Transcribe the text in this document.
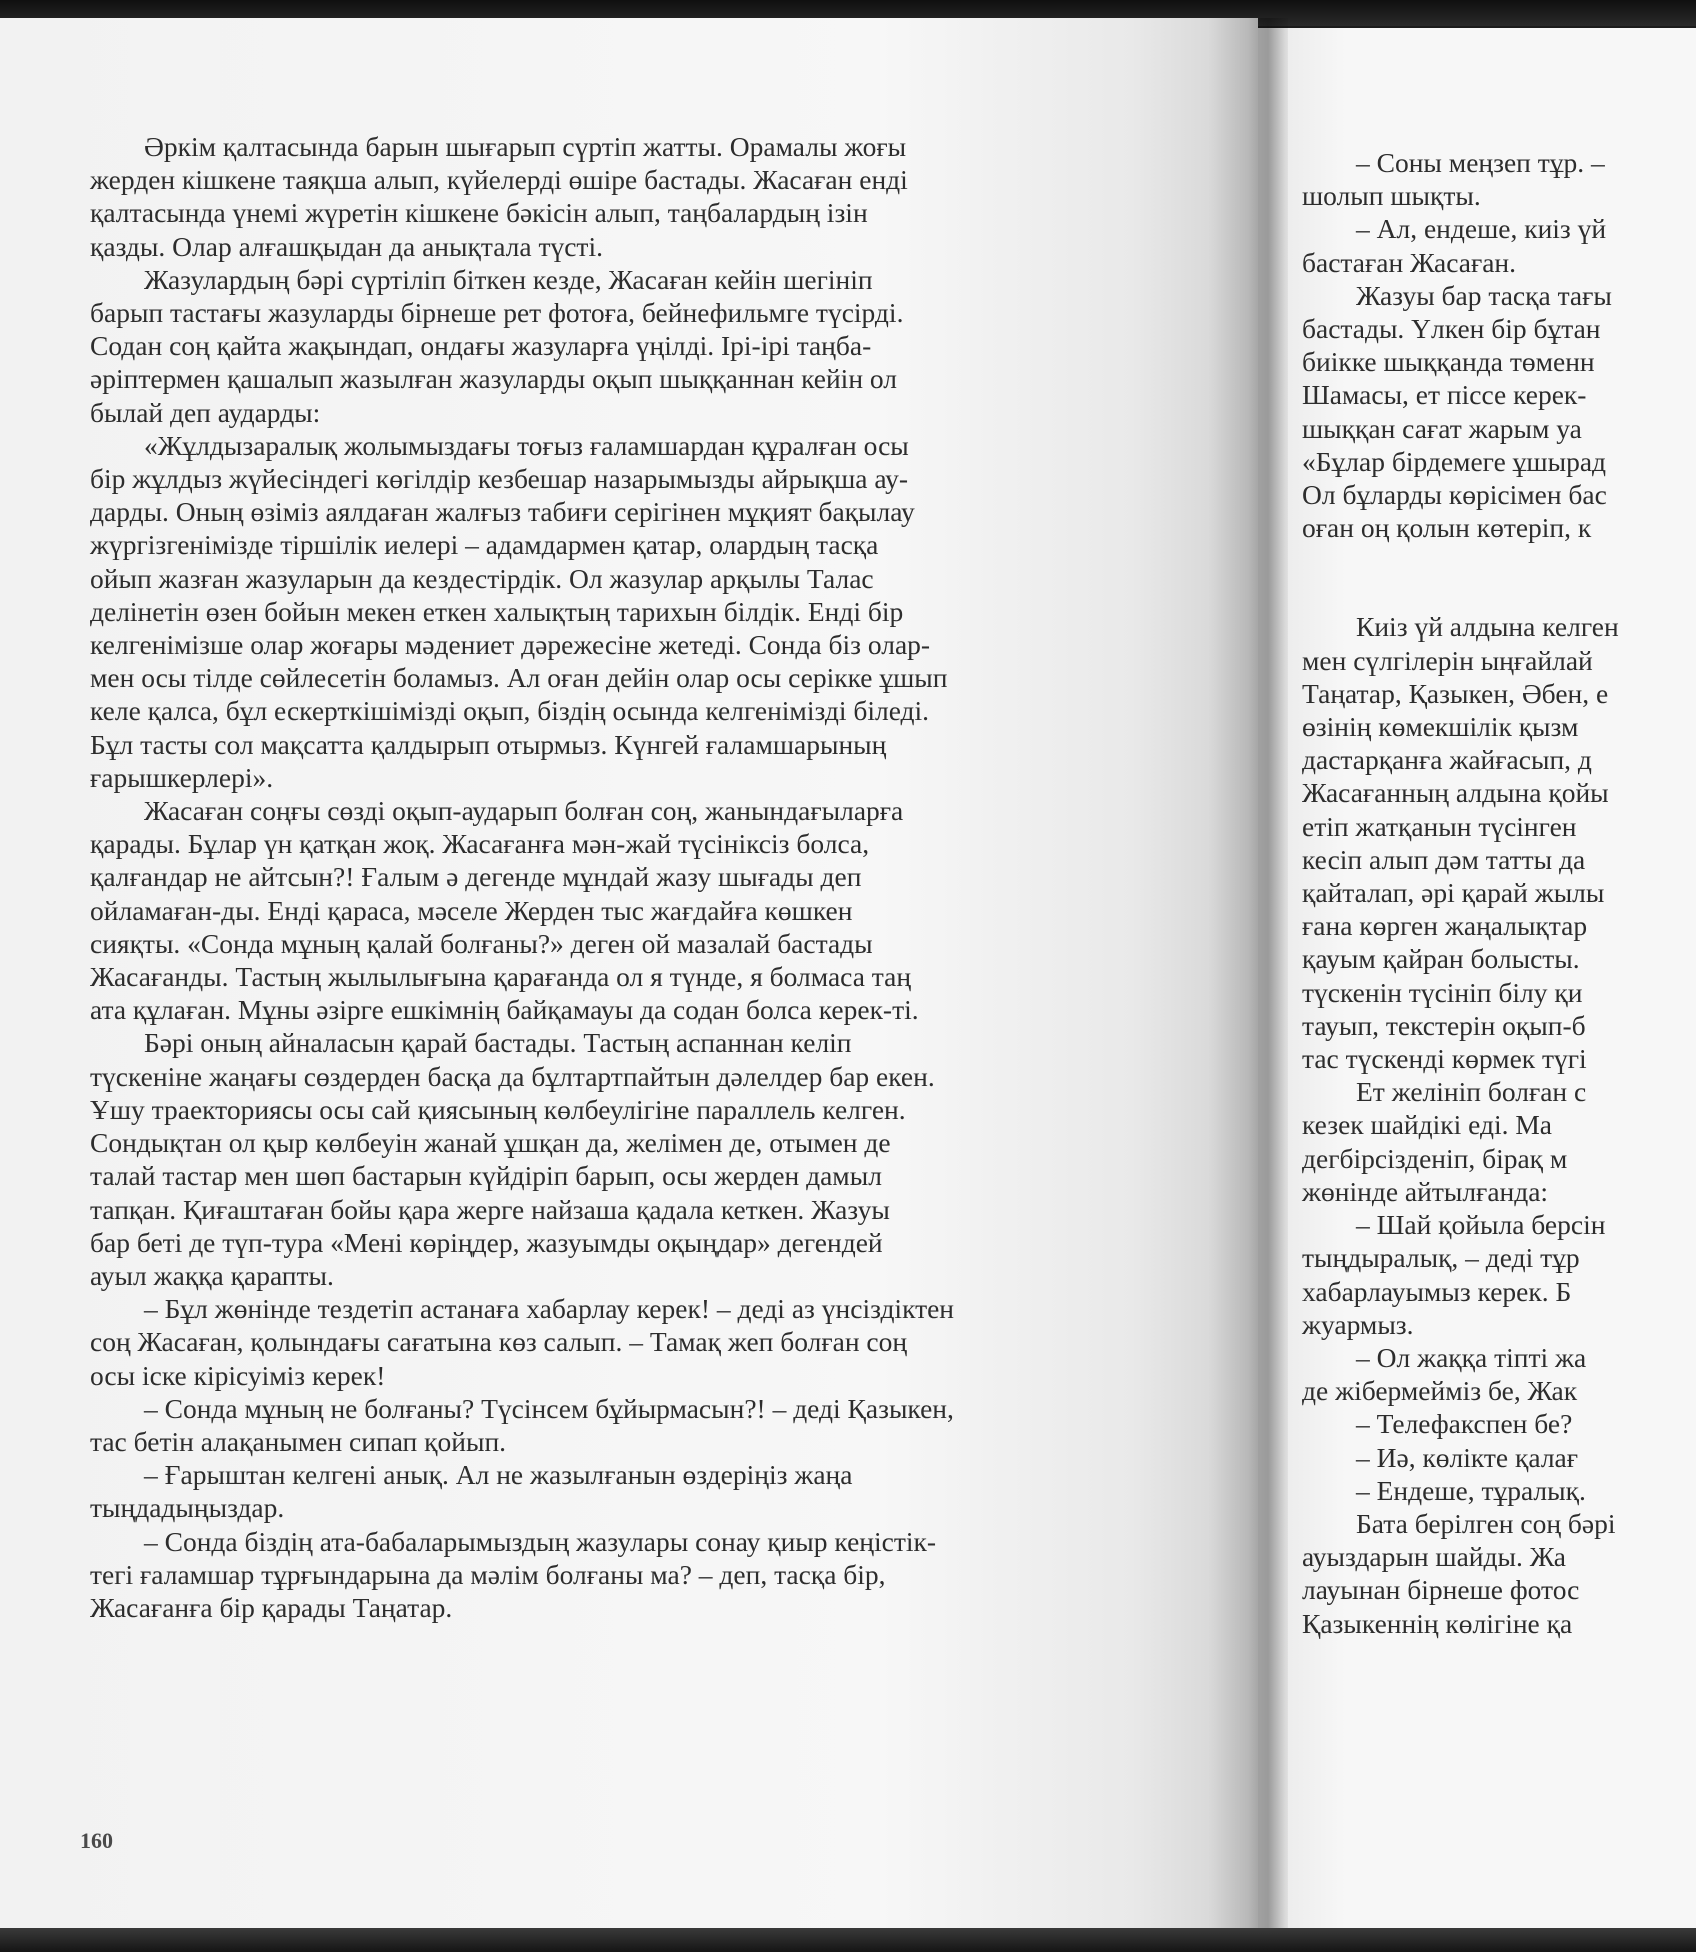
Әркім қалтасында барын шығарып сүртіп жатты. Орамалы жоғы
жерден кішкене таяқша алып, күйелерді өшіре бастады. Жасаған енді
қалтасында үнемі жүретін кішкене бәкісін алып, таңбалардың ізін
қазды. Олар алғашқыдан да анықтала түсті.

Жазулардың бәрі сүртіліп біткен кезде, Жасаған кейін шегініп
барып тастағы жазуларды бірнеше рет фотоға, бейнефильмге түсірді.
Содан соң қайта жақындап, ондағы жазуларға үңілді. Ірі-ірі таңба-
әріптермен қашалып жазылған жазуларды оқып шыққаннан кейін ол
былай деп аударды:

«Жұлдызаралық жолымыздағы тоғыз ғаламшардан құралған осы
бір жұлдыз жүйесіндегі көгілдір кезбешар назарымызды айрықша ау-
дарды. Оның өзіміз аялдаған жалғыз табиғи серігінен мұқият бақылау
жүргізгенімізде тіршілік иелері – адамдармен қатар, олардың тасқа
ойып жазған жазуларын да кездестірдік. Ол жазулар арқылы Талас
делінетін өзен бойын мекен еткен халықтың тарихын білдік. Енді бір
келгенімізше олар жоғары мәдениет дәрежесіне жетеді. Сонда біз олар-
мен осы тілде сөйлесетін боламыз. Ал оған дейін олар осы серікке ұшып
келе қалса, бұл ескерткішімізді оқып, біздің осында келгенімізді біледі.
Бұл тасты сол мақсатта қалдырып отырмыз. Күнгей ғаламшарының
ғарышкерлері».

Жасаған соңғы сөзді оқып-аударып болған соң, жанындағыларға
қарады. Бұлар үн қатқан жоқ. Жасағанға мән-жай түсініксіз болса,
қалғандар не айтсын?! Ғалым ә дегенде мұндай жазу шығады деп
ойламаған-ды. Енді қараса, мәселе Жерден тыс жағдайға көшкен
сияқты. «Сонда мұның қалай болғаны?» деген ой мазалай бастады
Жасағанды. Тастың жылылығына қарағанда ол я түнде, я болмаса таң
ата құлаған. Мұны әзірге ешкімнің байқамауы да содан болса керек-ті.

Бәрі оның айналасын қарай бастады. Тастың аспаннан келіп
түскеніне жаңағы сөздерден басқа да бұлтартпайтын дәлелдер бар екен.
Ұшу траекториясы осы сай қиясының көлбеулігіне параллель келген.
Сондықтан ол қыр көлбеуін жанай ұшқан да, желімен де, отымен де
талай тастар мен шөп бастарын күйдіріп барып, осы жерден дамыл
тапқан. Қиғаштаған бойы қара жерге найзаша қадала кеткен. Жазуы
бар беті де түп-тура «Мені көріңдер, жазуымды оқыңдар» дегендей
ауыл жаққа қарапты.

– Бұл жөнінде тездетіп астанаға хабарлау керек! – деді аз үнсіздіктен
соң Жасаған, қолындағы сағатына көз салып. – Тамақ жеп болған соң
осы іске кірісуіміз керек!

– Сонда мұның не болғаны? Түсінсем бұйырмасын?! – деді Қазыкен,
тас бетін алақанымен сипап қойып.

– Ғарыштан келгені анық. Ал не жазылғанын өздеріңіз жаңа
тыңдадыңыздар.

– Сонда біздің ата-бабаларымыздың жазулары сонау қиыр кеңістік-
тегі ғаламшар тұрғындарына да мәлім болғаны ма? – деп, тасқа бір,
Жасағанға бір қарады Таңатар.

160
– Соны меңзеп тұр. –
шолып шықты.
– Ал, ендеше, киіз үй
бастаған Жасаған.
Жазуы бар тасқа тағы
бастады. Үлкен бір бұтан
биікке шыққанда төменн
Шамасы, ет піссе керек-
шыққан сағат жарым уа
«Бұлар бірдемеге ұшырад
Ол бұларды көрісімен бас
оған оң қолын көтеріп, к
Киіз үй алдына келген
мен сүлгілерін ыңғайлай
Таңатар, Қазыкен, Әбен, е
өзінің көмекшілік қызм
дастарқанға жайғасып, д
Жасағанның алдына қойы
етіп жатқанын түсінген
кесіп алып дәм татты да
қайталап, әрі қарай жылы
ғана көрген жаңалықтар
қауым қайран болысты.
түскенін түсініп білу қи
тауып, текстерін оқып-б
тас түскенді көрмек түгі
Ет желініп болған с
кезек шайдікі еді. Ма
дегбірсізденіп, бірақ м
жөнінде айтылғанда:
– Шай қойыла берсін
тыңдыралық, – деді тұр
хабарлауымыз керек. Б
жуармыз.
– Ол жаққа тіпті жа
де жібермейміз бе, Жак
– Телефакспен бе?
– Иә, көлікте қалағ
– Ендеше, тұралық.
Бата берілген соң бәрі
ауыздарын шайды. Жа
лауынан бірнеше фотос
Қазыкеннің көлігіне қа
